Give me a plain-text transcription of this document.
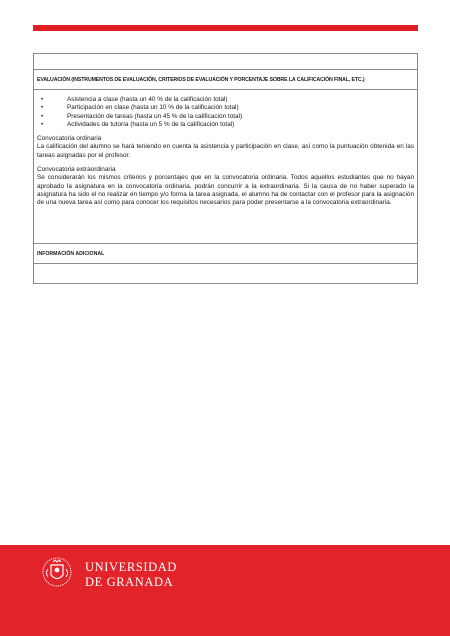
EVALUACIÓN (INSTRUMENTOS DE EVALUACIÓN, CRITERIOS DE EVALUACIÓN Y PORCENTAJE SOBRE LA CALIFICACIÓN FINAL, ETC.)
• Asistencia a clase (hasta un 40 % de la calificación total)
• Participación en clase (hasta un 10 % de la calificación total)
• Presentación de tareas (hasta un 45 % de la calificación total)
• Actividades de tutoría (hasta un 5 % de la calificación total)

Convocatoria ordinaria

La calificación del alumno se hará teniendo en cuenta la asistencia y participación en clase, así como la puntuación obtenida en las tareas asignadas por el profesor.

Convocatoria extraordinaria

Se considerarán los mismos criterios y porcentajes que en la convocatoria ordinaria. Todos aquellos estudiantes que no hayan aprobado la asignatura en la convocatoria ordinaria, podrán concurrir a la extraordinaria. Si la causa de no haber superado la asignatura ha sido el no realizar en tiempo y/o forma la tarea asignada, el alumno ha de contactar con el profesor para la asignación de una nueva tarea así como para conocer los requisitos necesarios para poder presentarse a la convocatoria extraordinaria.

INFORMACIÓN ADICIONAL
UNIVERSIDAD
DE GRANADA
